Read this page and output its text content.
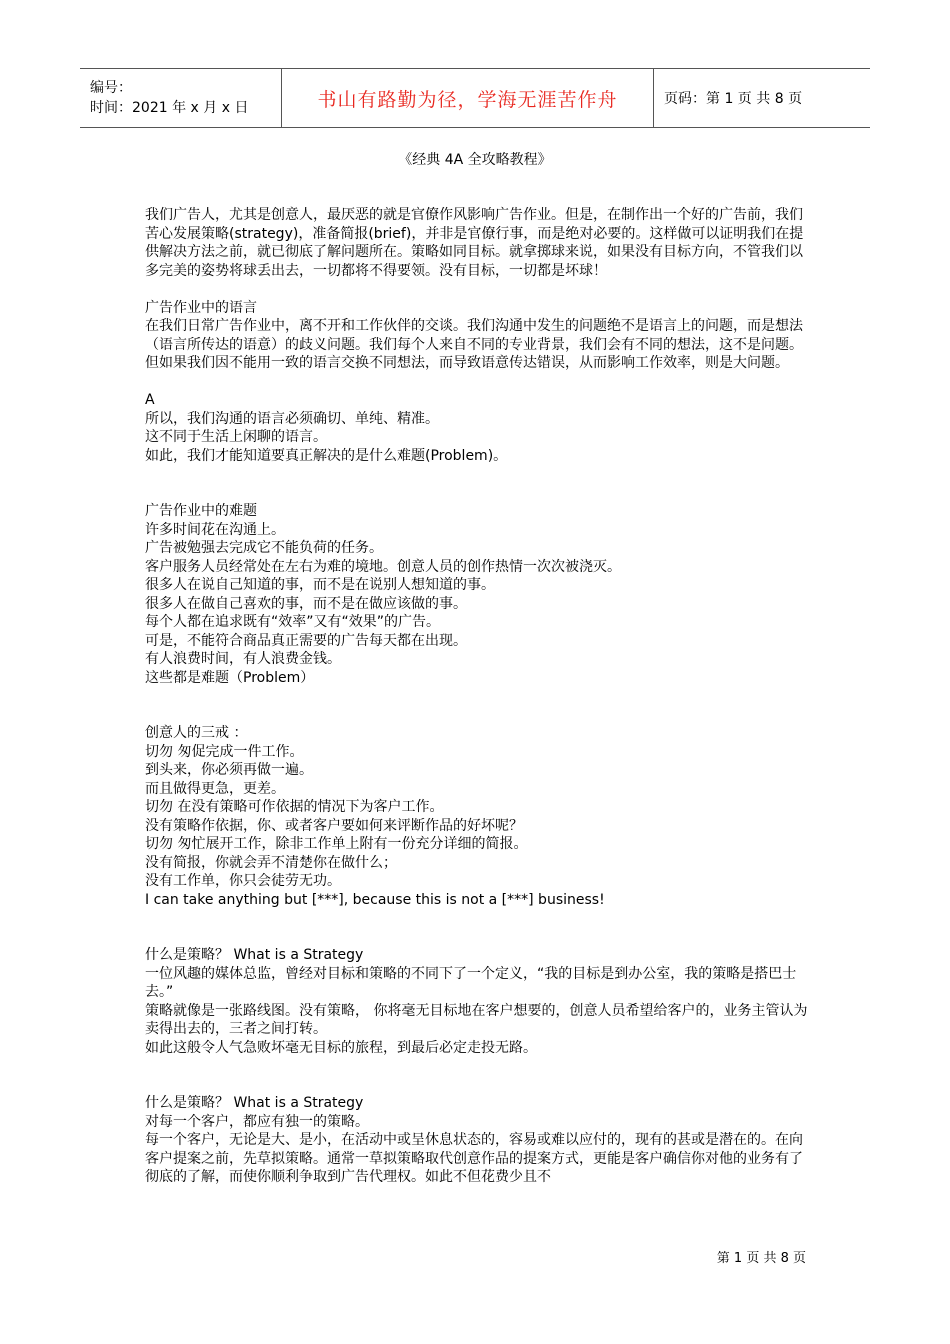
编号：
时间：2021 年 x 月 x 日	书山有路勤为径，学海无涯苦作舟	页码：第 1 页 共 8 页
《经典 4A 全攻略教程》

我们广告人，尤其是创意人，最厌恶的就是官僚作风影响广告作业。但是，在制作出一个好的广告前，我们苦心发展策略(strategy)，准备简报(brief)，并非是官僚行事，而是绝对必要的。这样做可以证明我们在提供解决方法之前，就已彻底了解问题所在。策略如同目标。就拿掷球来说，如果没有目标方向，不管我们以多完美的姿势将球丢出去，一切都将不得要领。没有目标，一切都是坏球！

广告作业中的语言

在我们日常广告作业中，离不开和工作伙伴的交谈。我们沟通中发生的问题绝不是语言上的问题，而是想法 （语言所传达的语意）的歧义问题。我们每个人来自不同的专业背景，我们会有不同的想法，这不是问题。但如果我们因不能用一致的语言交换不同想法，而导致语意传达错误，从而影响工作效率，则是大问题。

A

所以，我们沟通的语言必须确切、单纯、精准。

这不同于生活上闲聊的语言。

如此，我们才能知道要真正解决的是什么难题(Problem)。

广告作业中的难题

许多时间花在沟通上。

广告被勉强去完成它不能负荷的任务。

客户服务人员经常处在左右为难的境地。创意人员的创作热情一次次被浇灭。

很多人在说自己知道的事，而不是在说别人想知道的事。

很多人在做自己喜欢的事，而不是在做应该做的事。

每个人都在追求既有“效率”又有“效果”的广告。

可是，不能符合商品真正需要的广告每天都在出现。

有人浪费时间，有人浪费金钱。

这些都是难题（Problem）

创意人的三戒 ：

切勿 匆促完成一件工作。

到头来，你必须再做一遍。

而且做得更急，更差。

切勿 在没有策略可作依据的情况下为客户工作。

没有策略作依据，你、或者客户要如何来评断作品的好坏呢？

切勿 匆忙展开工作，除非工作单上附有一份充分详细的简报。

没有简报，你就会弄不清楚你在做什么；

没有工作单，你只会徒劳无功。

I can take anything but [***], because this is not a [***] business!

什么是策略？ What is a Strategy

一位风趣的媒体总监，曾经对目标和策略的不同下了一个定义，“我的目标是到办公室，我的策略是搭巴士去。”

策略就像是一张路线图。没有策略， 你将毫无目标地在客户想要的，创意人员希望给客户的，业务主管认为卖得出去的，三者之间打转。

如此这般令人气急败坏毫无目标的旅程，到最后必定走投无路。

什么是策略？ What is a Strategy

对每一个客户，都应有独一的策略。

每一个客户，无论是大、是小，在活动中或呈休息状态的，容易或难以应付的，现有的甚或是潜在的。在向客户提案之前，先草拟策略。通常一草拟策略取代创意作品的提案方式，更能是客户确信你对他的业务有了彻底的了解，而使你顺利争取到广告代理权。如此不但花费少且不

第 1 页 共 8 页
